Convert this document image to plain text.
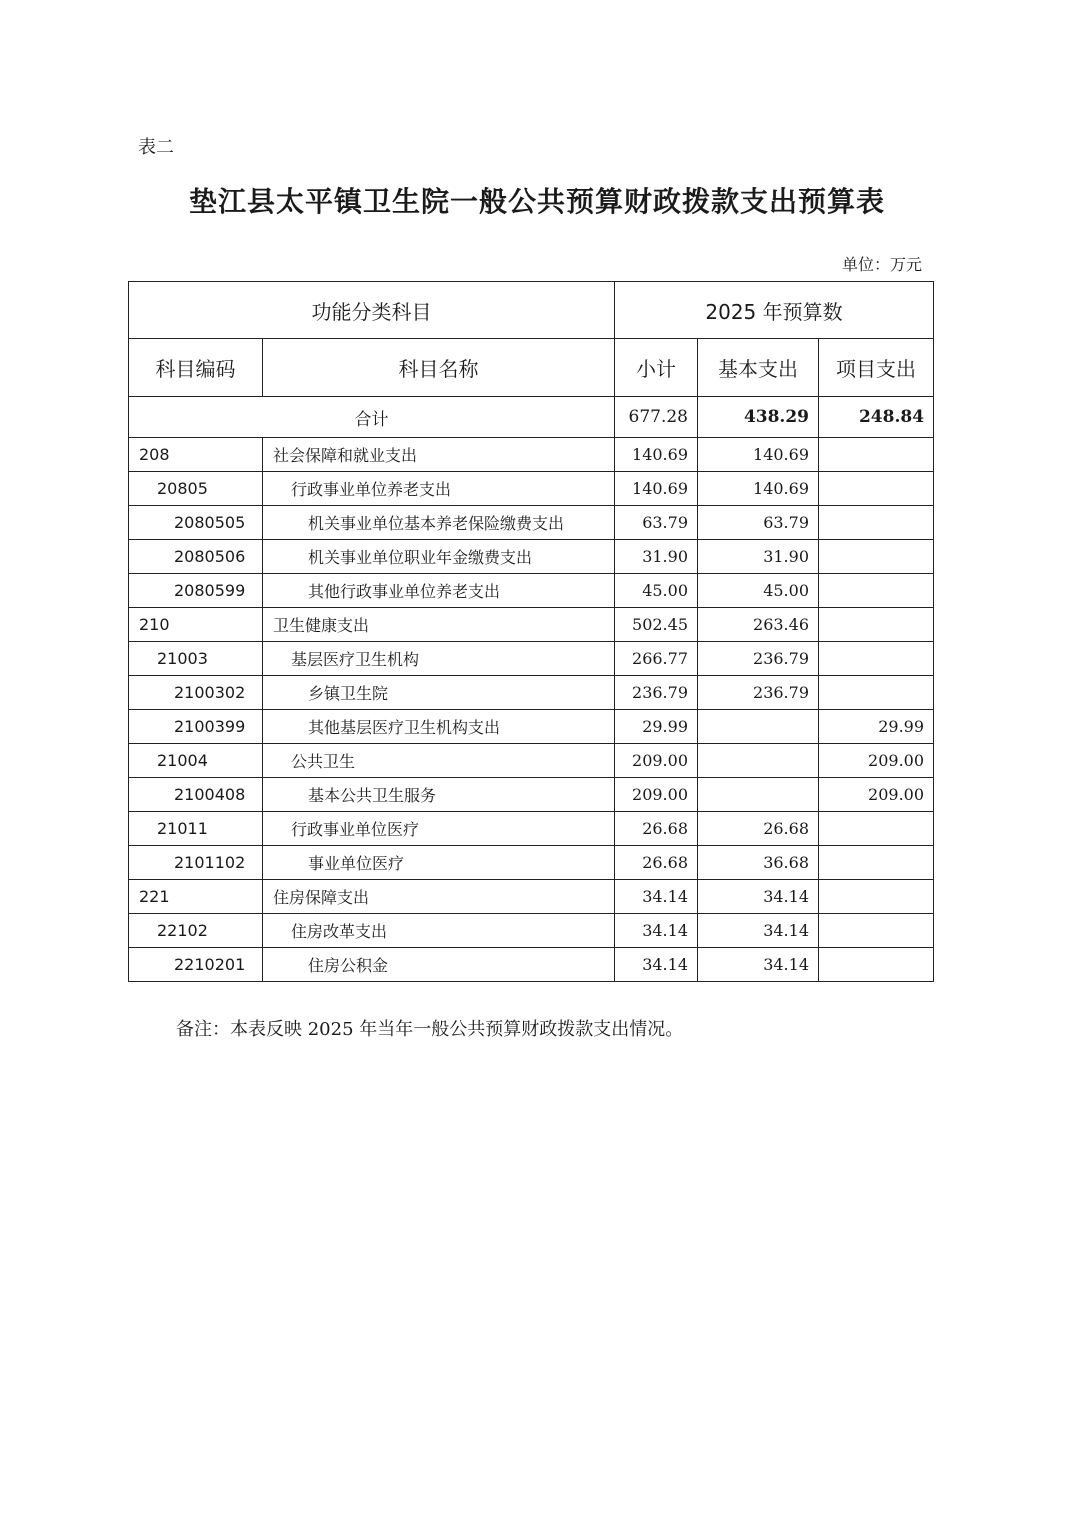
表二
垫江县太平镇卫生院一般公共预算财政拨款支出预算表
单位：万元
功能分类科目		2025 年预算数		
科目编码	科目名称	小计	基本支出	项目支出
合计		677.28	438.29	248.84
208	社会保障和就业支出	140.69	140.69	
20805	行政事业单位养老支出	140.69	140.69	
2080505	机关事业单位基本养老保险缴费支出	63.79	63.79	
2080506	机关事业单位职业年金缴费支出	31.90	31.90	
2080599	其他行政事业单位养老支出	45.00	45.00	
210	卫生健康支出	502.45	263.46	
21003	基层医疗卫生机构	266.77	236.79	
2100302	乡镇卫生院	236.79	236.79	
2100399	其他基层医疗卫生机构支出	29.99		29.99
21004	公共卫生	209.00		209.00
2100408	基本公共卫生服务	209.00		209.00
21011	行政事业单位医疗	26.68	26.68	
2101102	事业单位医疗	26.68	36.68	
221	住房保障支出	34.14	34.14	
22102	住房改革支出	34.14	34.14	
2210201	住房公积金	34.14	34.14	
备注：本表反映 2025 年当年一般公共预算财政拨款支出情况。
